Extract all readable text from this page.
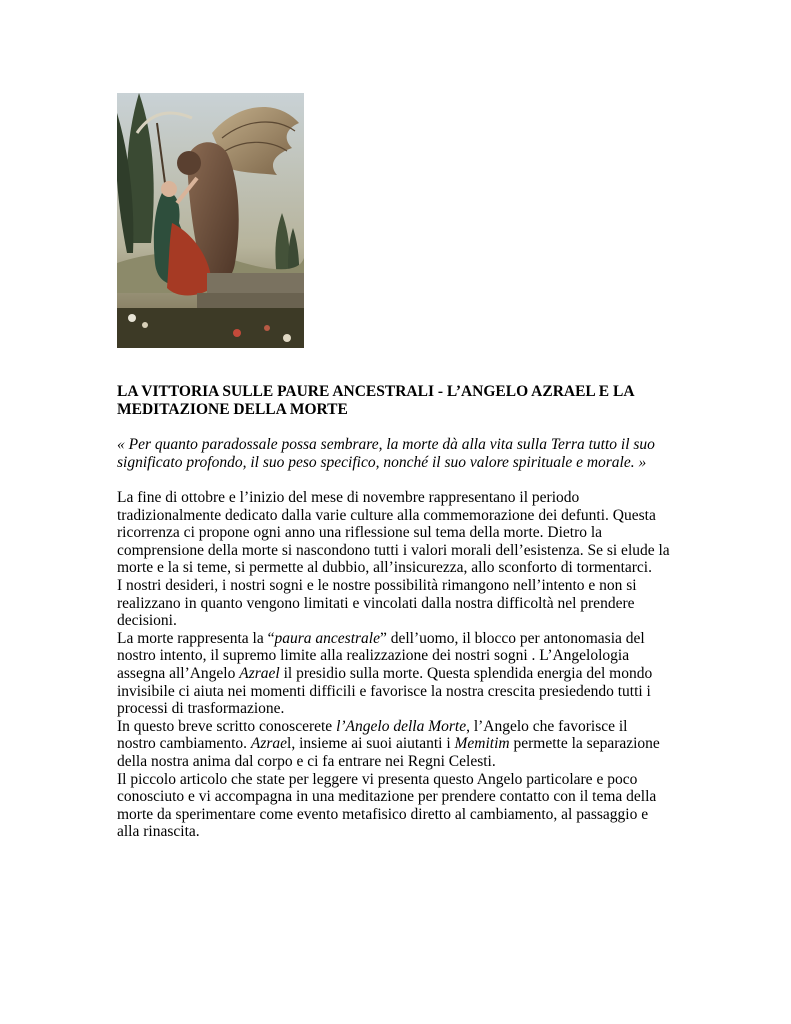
LA VITTORIA SULLE PAURE ANCESTRALI - L’ANGELO AZRAEL E LA
MEDITAZIONE DELLA MORTE

« Per quanto paradossale possa sembrare, la morte dà alla vita sulla Terra tutto il suo
significato profondo, il suo peso specifico, nonché il suo valore spirituale e morale. »

La fine di ottobre e l’inizio del mese di novembre rappresentano il periodo
tradizionalmente dedicato dalla varie culture alla commemorazione dei defunti. Questa
ricorrenza ci propone ogni anno una riflessione sul tema della morte. Dietro la
comprensione della morte si nascondono tutti i valori morali dell’esistenza. Se si elude la
morte e la si teme, si permette al dubbio, all’insicurezza, allo sconforto di tormentarci.
I nostri desideri, i nostri sogni e le nostre possibilità rimangono nell’intento e non si
realizzano in quanto vengono limitati e vincolati dalla nostra difficoltà nel prendere
decisioni.
La morte rappresenta la “paura ancestrale” dell’uomo, il blocco per antonomasia del
nostro intento, il supremo limite alla realizzazione dei nostri sogni . L’Angelologia
assegna all’Angelo Azrael il presidio sulla morte. Questa splendida energia del mondo
invisibile ci aiuta nei momenti difficili e favorisce la nostra crescita presiedendo tutti i
processi di trasformazione.
In questo breve scritto conoscerete l’Angelo della Morte, l’Angelo che favorisce il
nostro cambiamento. Azrael, insieme ai suoi aiutanti i Memitim permette la separazione
della nostra anima dal corpo e ci fa entrare nei Regni Celesti.
Il piccolo articolo che state per leggere vi presenta questo Angelo particolare e poco
conosciuto e vi accompagna in una meditazione per prendere contatto con il tema della
morte da sperimentare come evento metafisico diretto al cambiamento, al passaggio e
alla rinascita.
